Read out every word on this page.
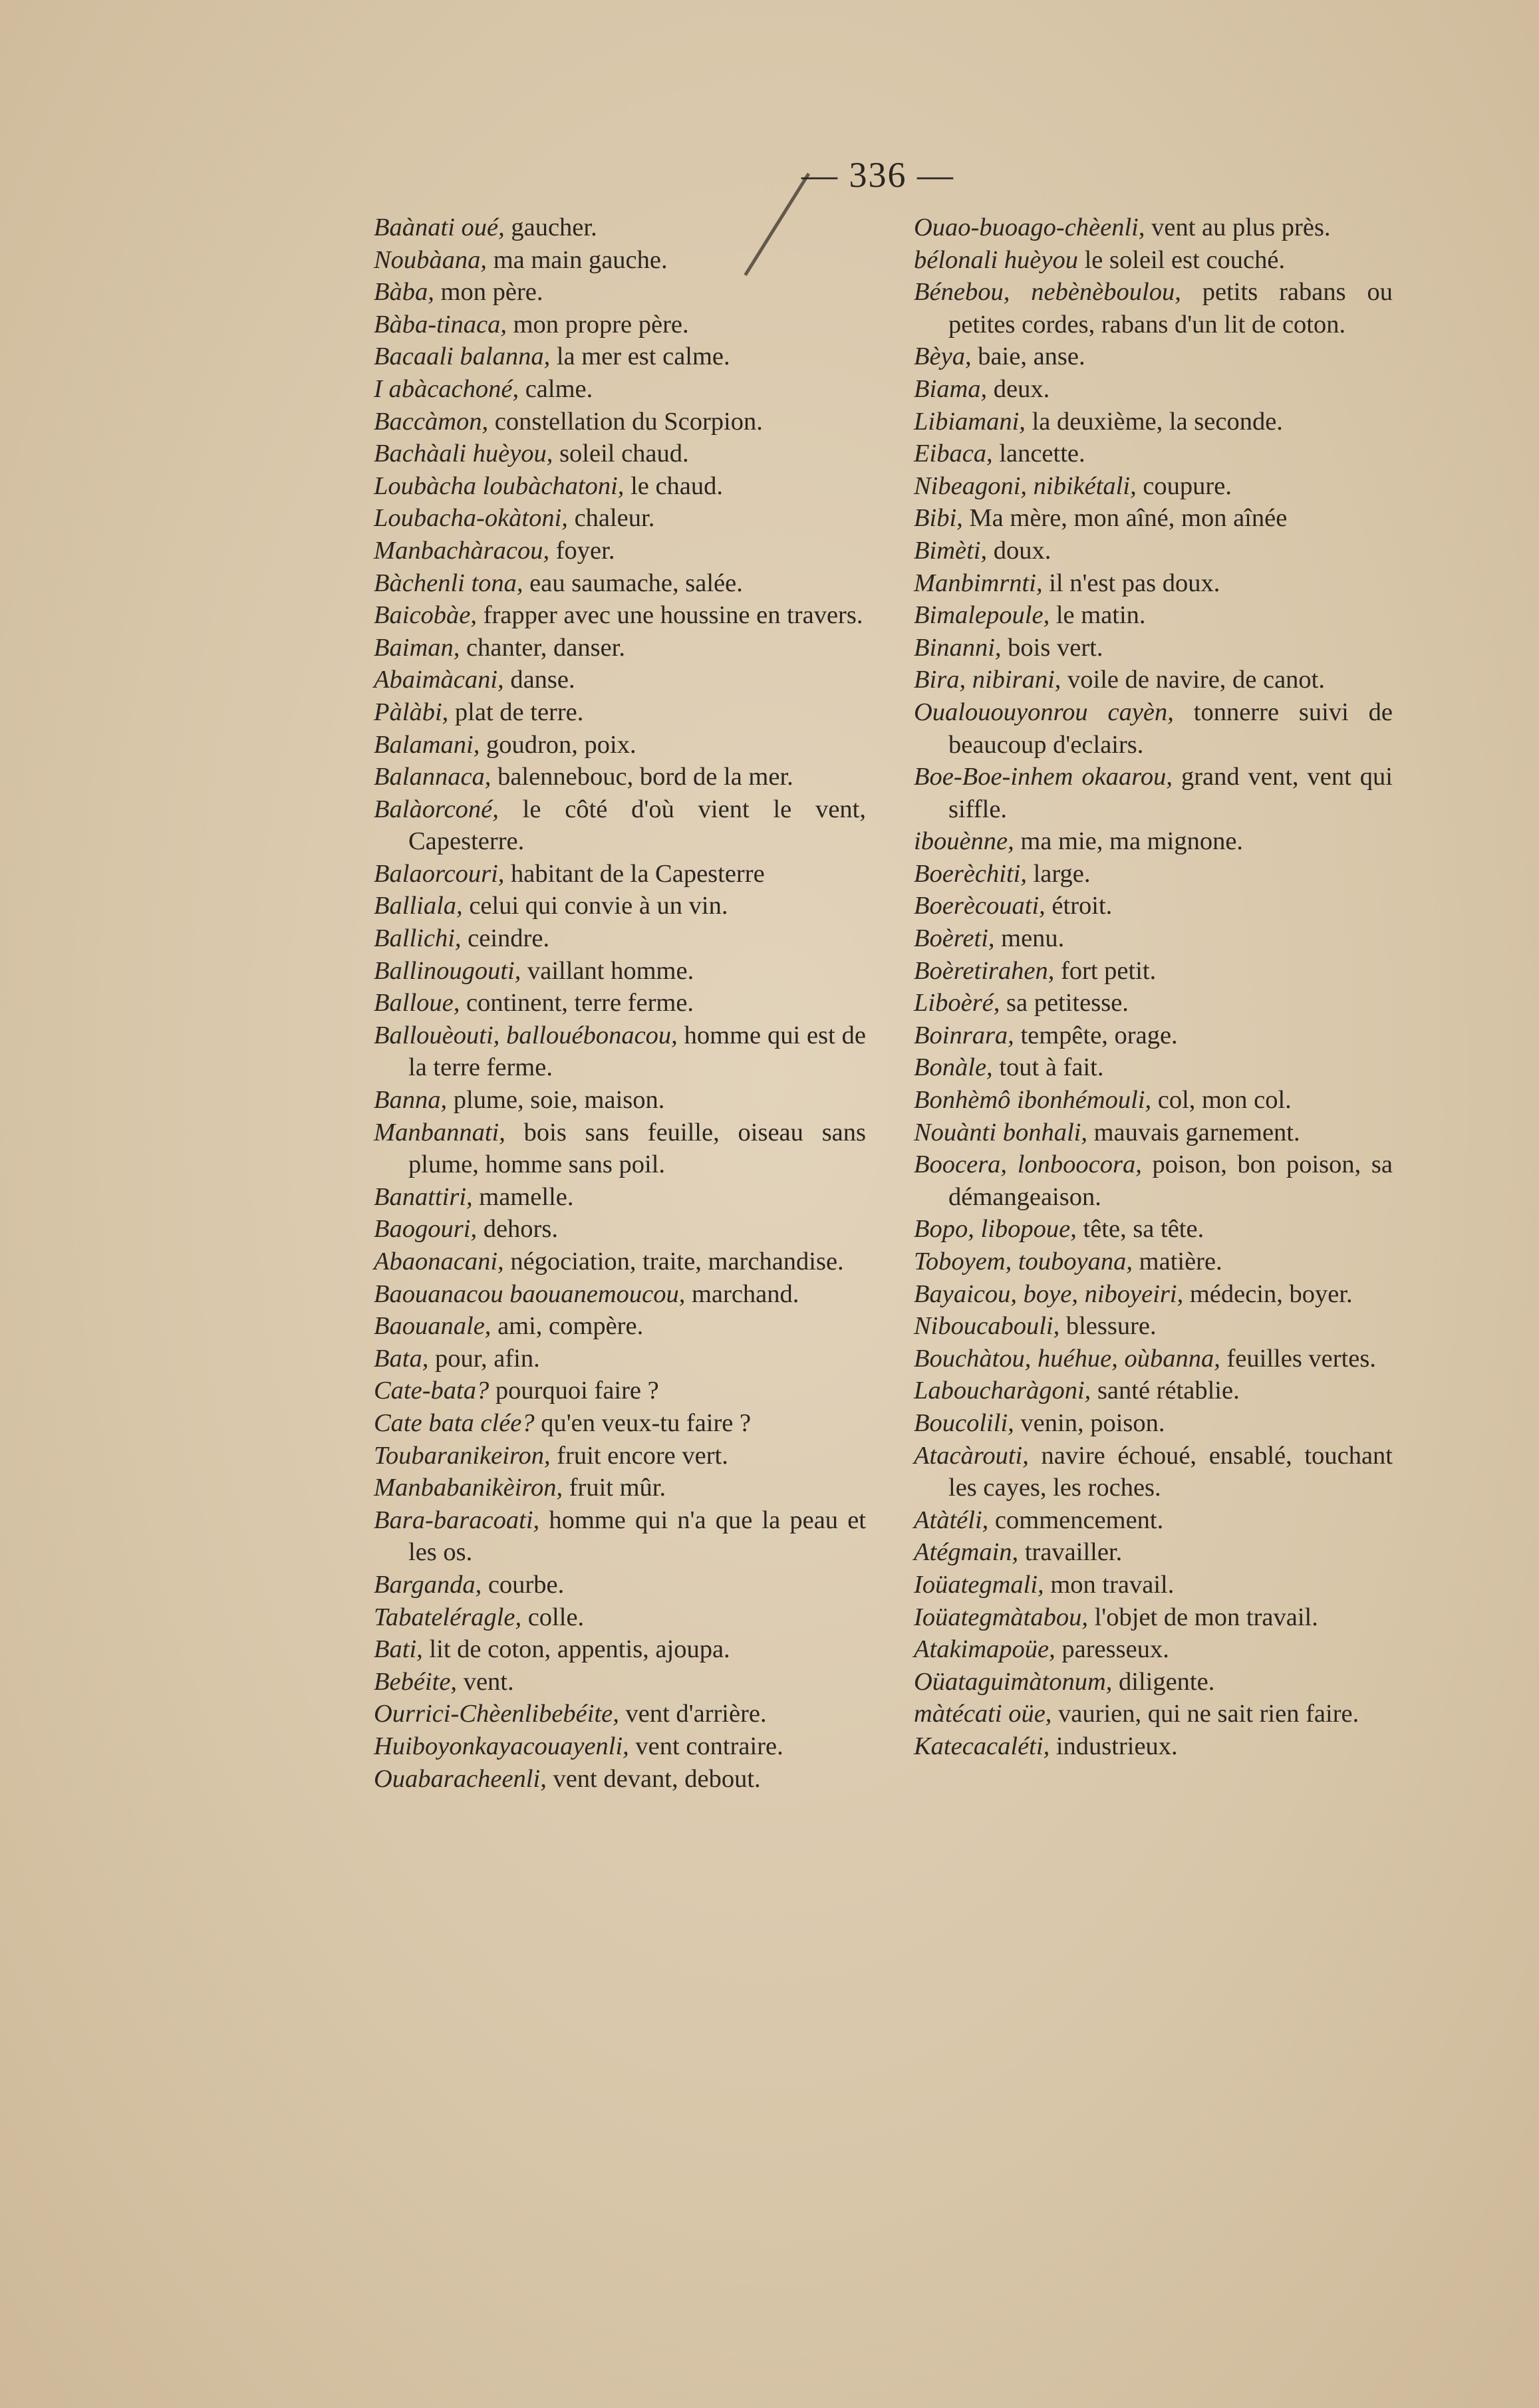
— 336 —

Baànati oué, gaucher.

Noubàana, ma main gauche.

Bàba, mon père.

Bàba-tinaca, mon propre père.

Bacaali balanna, la mer est calme.

I abàcachoné, calme.

Baccàmon, constellation du Scorpion.

Bachàali huèyou, soleil chaud.

Loubàcha loubàchatoni, le chaud.

Loubacha-okàtoni, chaleur.

Manbachàracou, foyer.

Bàchenli tona, eau saumache, salée.

Baicobàe, frapper avec une houssine en travers.

Baiman, chanter, danser.

Abaimàcani, danse.

Pàlàbi, plat de terre.

Balamani, goudron, poix.

Balannaca, balennebouc, bord de la mer.

Balàorconé, le côté d'où vient le vent, Capesterre.

Balaorcouri, habitant de la Capesterre

Balliala, celui qui convie à un vin.

Ballichi, ceindre.

Ballinougouti, vaillant homme.

Balloue, continent, terre ferme.

Ballouèouti, ballouébonacou, homme qui est de la terre ferme.

Banna, plume, soie, maison.

Manbannati, bois sans feuille, oiseau sans plume, homme sans poil.

Banattiri, mamelle.

Baogouri, dehors.

Abaonacani, négociation, traite, marchandise.

Baouanacou baouanemoucou, marchand.

Baouanale, ami, compère.

Bata, pour, afin.

Cate-bata? pourquoi faire ?

Cate bata clée? qu'en veux-tu faire ?

Toubaranikeiron, fruit encore vert.

Manbabanikèiron, fruit mûr.

Bara-baracoati, homme qui n'a que la peau et les os.

Barganda, courbe.

Tabateléragle, colle.

Bati, lit de coton, appentis, ajoupa.

Bebéite, vent.

Ourrici-Chèenlibebéite, vent d'arrière.

Huiboyonkayacouayenli, vent contraire.

Ouabaracheenli, vent devant, debout.

Ouao-buoago-chèenli, vent au plus près.

bélonali huèyou le soleil est couché.

Bénebou, nebènèboulou, petits rabans ou petites cordes, rabans d'un lit de coton.

Bèya, baie, anse.

Biama, deux.

Libiamani, la deuxième, la seconde.

Eibaca, lancette.

Nibeagoni, nibikétali, coupure.

Bibi, Ma mère, mon aîné, mon aînée

Bimèti, doux.

Manbimrnti, il n'est pas doux.

Bimalepoule, le matin.

Binanni, bois vert.

Bira, nibirani, voile de navire, de canot.

Oualououyonrou cayèn, tonnerre suivi de beaucoup d'eclairs.

Boe-Boe-inhem okaarou, grand vent, vent qui siffle.

ibouènne, ma mie, ma mignone.

Boerèchiti, large.

Boerècouati, étroit.

Boèreti, menu.

Boèretirahen, fort petit.

Liboèré, sa petitesse.

Boinrara, tempête, orage.

Bonàle, tout à fait.

Bonhèmô ibonhémouli, col, mon col.

Nouànti bonhali, mauvais garnement.

Boocera, lonboocora, poison, bon poison, sa démangeaison.

Bopo, libopoue, tête, sa tête.

Toboyem, touboyana, matière.

Bayaicou, boye, niboyeiri, médecin, boyer.

Niboucabouli, blessure.

Bouchàtou, huéhue, oùbanna, feuilles vertes.

Laboucharàgoni, santé rétablie.

Boucolili, venin, poison.

Atacàrouti, navire échoué, ensablé, touchant les cayes, les roches.

Atàtéli, commencement.

Atégmain, travailler.

Ioüategmali, mon travail.

Ioüategmàtabou, l'objet de mon travail.

Atakimapoüe, paresseux.

Oüataguimàtonum, diligente.

màtécati oüe, vaurien, qui ne sait rien faire.

Katecacaléti, industrieux.
